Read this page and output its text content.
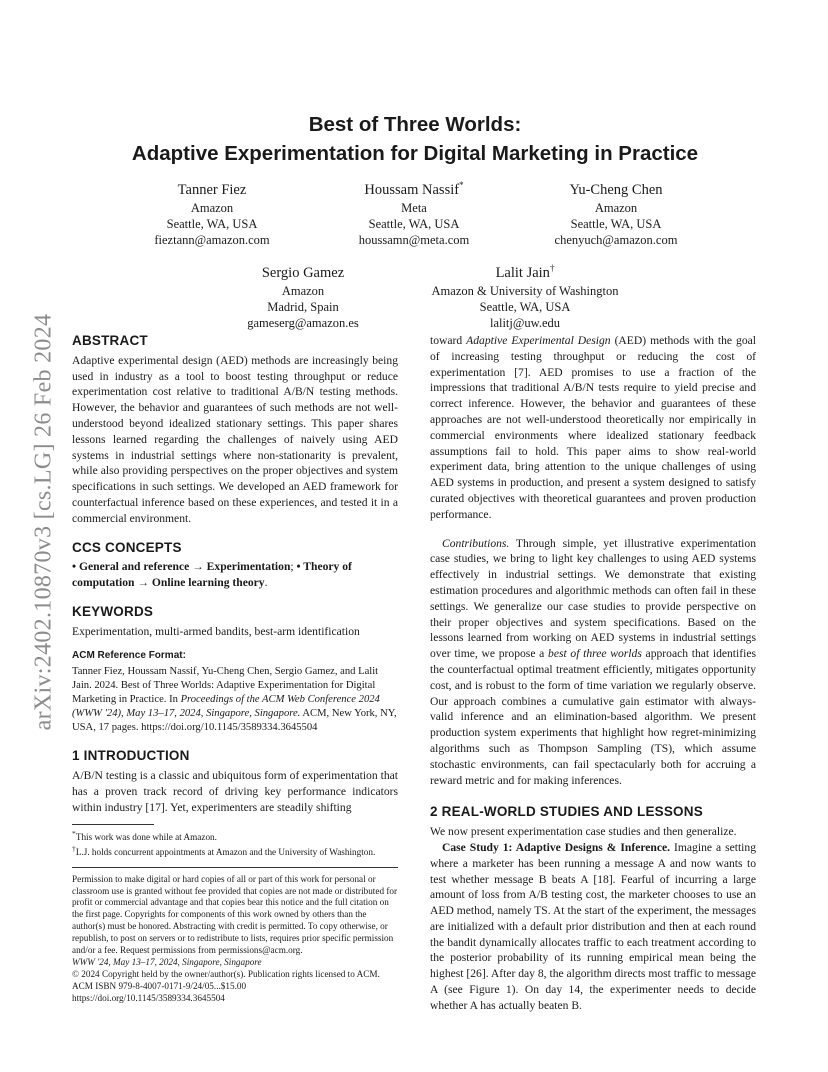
arXiv:2402.10870v3 [cs.LG] 26 Feb 2024
Best of Three Worlds:
Adaptive Experimentation for Digital Marketing in Practice
Tanner Fiez
Amazon
Seattle, WA, USA
fieztann@amazon.com
Houssam Nassif*
Meta
Seattle, WA, USA
houssamn@meta.com
Yu-Cheng Chen
Amazon
Seattle, WA, USA
chenyuch@amazon.com
Sergio Gamez
Amazon
Madrid, Spain
gameserg@amazon.es
Lalit Jain†
Amazon & University of Washington
Seattle, WA, USA
lalitj@uw.edu
ABSTRACT

Adaptive experimental design (AED) methods are increasingly being used in industry as a tool to boost testing throughput or reduce experimentation cost relative to traditional A/B/N testing methods. However, the behavior and guarantees of such methods are not well-understood beyond idealized stationary settings. This paper shares lessons learned regarding the challenges of naively using AED systems in industrial settings where non-stationarity is prevalent, while also providing perspectives on the proper objectives and system specifications in such settings. We developed an AED framework for counterfactual inference based on these experiences, and tested it in a commercial environment.

CCS CONCEPTS

• General and reference → Experimentation; • Theory of computation → Online learning theory.

KEYWORDS

Experimentation, multi-armed bandits, best-arm identification

ACM Reference Format:

Tanner Fiez, Houssam Nassif, Yu-Cheng Chen, Sergio Gamez, and Lalit Jain. 2024. Best of Three Worlds: Adaptive Experimentation for Digital Marketing in Practice. In Proceedings of the ACM Web Conference 2024 (WWW '24), May 13–17, 2024, Singapore, Singapore. ACM, New York, NY, USA, 17 pages. https://doi.org/10.1145/3589334.3645504

1 INTRODUCTION

A/B/N testing is a classic and ubiquitous form of experimentation that has a proven track record of driving key performance indicators within industry [17]. Yet, experimenters are steadily shifting

*This work was done while at Amazon.

†L.J. holds concurrent appointments at Amazon and the University of Washington.

Permission to make digital or hard copies of all or part of this work for personal or classroom use is granted without fee provided that copies are not made or distributed for profit or commercial advantage and that copies bear this notice and the full citation on the first page. Copyrights for components of this work owned by others than the author(s) must be honored. Abstracting with credit is permitted. To copy otherwise, or republish, to post on servers or to redistribute to lists, requires prior specific permission and/or a fee. Request permissions from permissions@acm.org.

WWW '24, May 13–17, 2024, Singapore, Singapore

© 2024 Copyright held by the owner/author(s). Publication rights licensed to ACM.

ACM ISBN 979-8-4007-0171-9/24/05...$15.00

https://doi.org/10.1145/3589334.3645504

toward Adaptive Experimental Design (AED) methods with the goal of increasing testing throughput or reducing the cost of experimentation [7]. AED promises to use a fraction of the impressions that traditional A/B/N tests require to yield precise and correct inference. However, the behavior and guarantees of these approaches are not well-understood theoretically nor empirically in commercial environments where idealized stationary feedback assumptions fail to hold. This paper aims to show real-world experiment data, bring attention to the unique challenges of using AED systems in production, and present a system designed to satisfy curated objectives with theoretical guarantees and proven production performance.

Contributions. Through simple, yet illustrative experimentation case studies, we bring to light key challenges to using AED systems effectively in industrial settings. We demonstrate that existing estimation procedures and algorithmic methods can often fail in these settings. We generalize our case studies to provide perspective on their proper objectives and system specifications. Based on the lessons learned from working on AED systems in industrial settings over time, we propose a best of three worlds approach that identifies the counterfactual optimal treatment efficiently, mitigates opportunity cost, and is robust to the form of time variation we regularly observe. Our approach combines a cumulative gain estimator with always-valid inference and an elimination-based algorithm. We present production system experiments that highlight how regret-minimizing algorithms such as Thompson Sampling (TS), which assume stochastic environments, can fail spectacularly both for accruing a reward metric and for making inferences.

2 REAL-WORLD STUDIES AND LESSONS

We now present experimentation case studies and then generalize.

Case Study 1: Adaptive Designs & Inference. Imagine a setting where a marketer has been running a message A and now wants to test whether message B beats A [18]. Fearful of incurring a large amount of loss from A/B testing cost, the marketer chooses to use an AED method, namely TS. At the start of the experiment, the messages are initialized with a default prior distribution and then at each round the bandit dynamically allocates traffic to each treatment according to the posterior probability of its running empirical mean being the highest [26]. After day 8, the algorithm directs most traffic to message A (see Figure 1). On day 14, the experimenter needs to decide whether A has actually beaten B.
